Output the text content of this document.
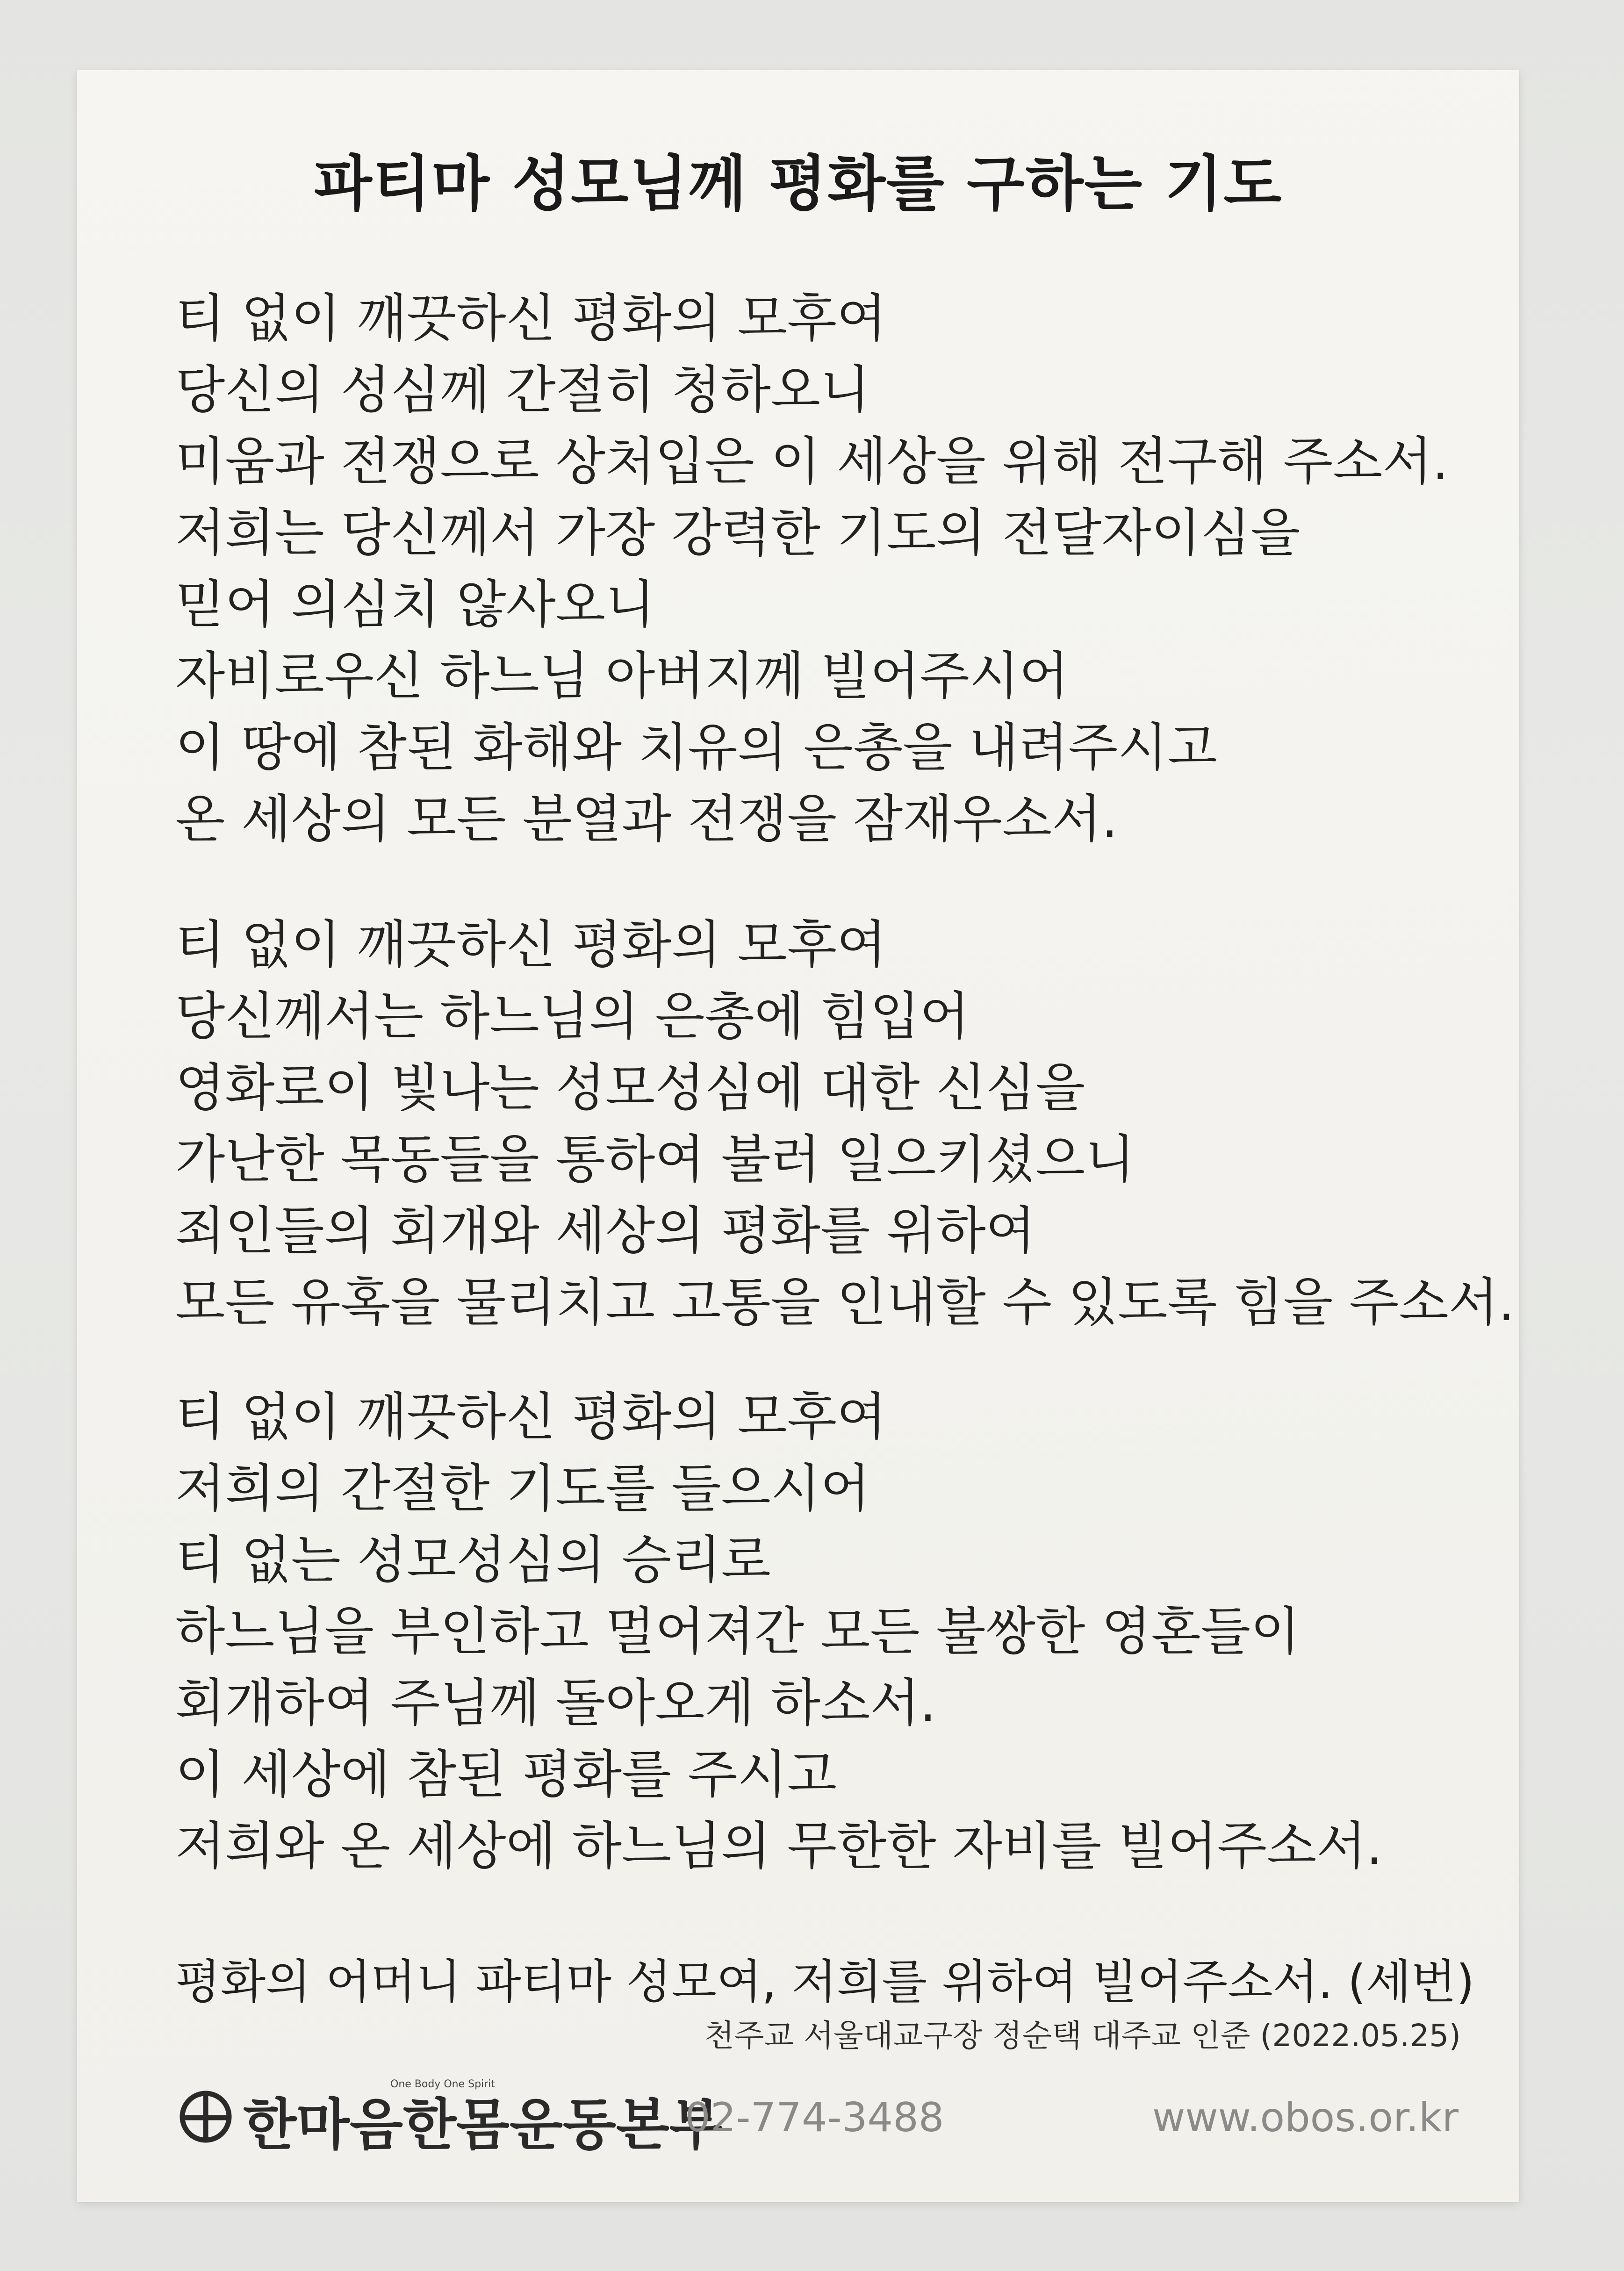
파티마 성모님께 평화를 구하는 기도
티 없이 깨끗하신 평화의 모후여
당신의 성심께 간절히 청하오니
미움과 전쟁으로 상처입은 이 세상을 위해 전구해 주소서.
저희는 당신께서 가장 강력한 기도의 전달자이심을
믿어 의심치 않사오니
자비로우신 하느님 아버지께 빌어주시어
이 땅에 참된 화해와 치유의 은총을 내려주시고
온 세상의 모든 분열과 전쟁을 잠재우소서.
티 없이 깨끗하신 평화의 모후여
당신께서는 하느님의 은총에 힘입어
영화로이 빛나는 성모성심에 대한 신심을
가난한 목동들을 통하여 불러 일으키셨으니
죄인들의 회개와 세상의 평화를 위하여
모든 유혹을 물리치고 고통을 인내할 수 있도록 힘을 주소서.
티 없이 깨끗하신 평화의 모후여
저희의 간절한 기도를 들으시어
티 없는 성모성심의 승리로
하느님을 부인하고 멀어져간 모든 불쌍한 영혼들이
회개하여 주님께 돌아오게 하소서.
이 세상에 참된 평화를 주시고
저희와 온 세상에 하느님의 무한한 자비를 빌어주소서.
평화의 어머니 파티마 성모여, 저희를 위하여 빌어주소서. (세번)
천주교 서울대교구장 정순택 대주교 인준 (2022.05.25)
한마음한몸운동본부
One Body One Spirit
02-774-3488	www.obos.or.kr
